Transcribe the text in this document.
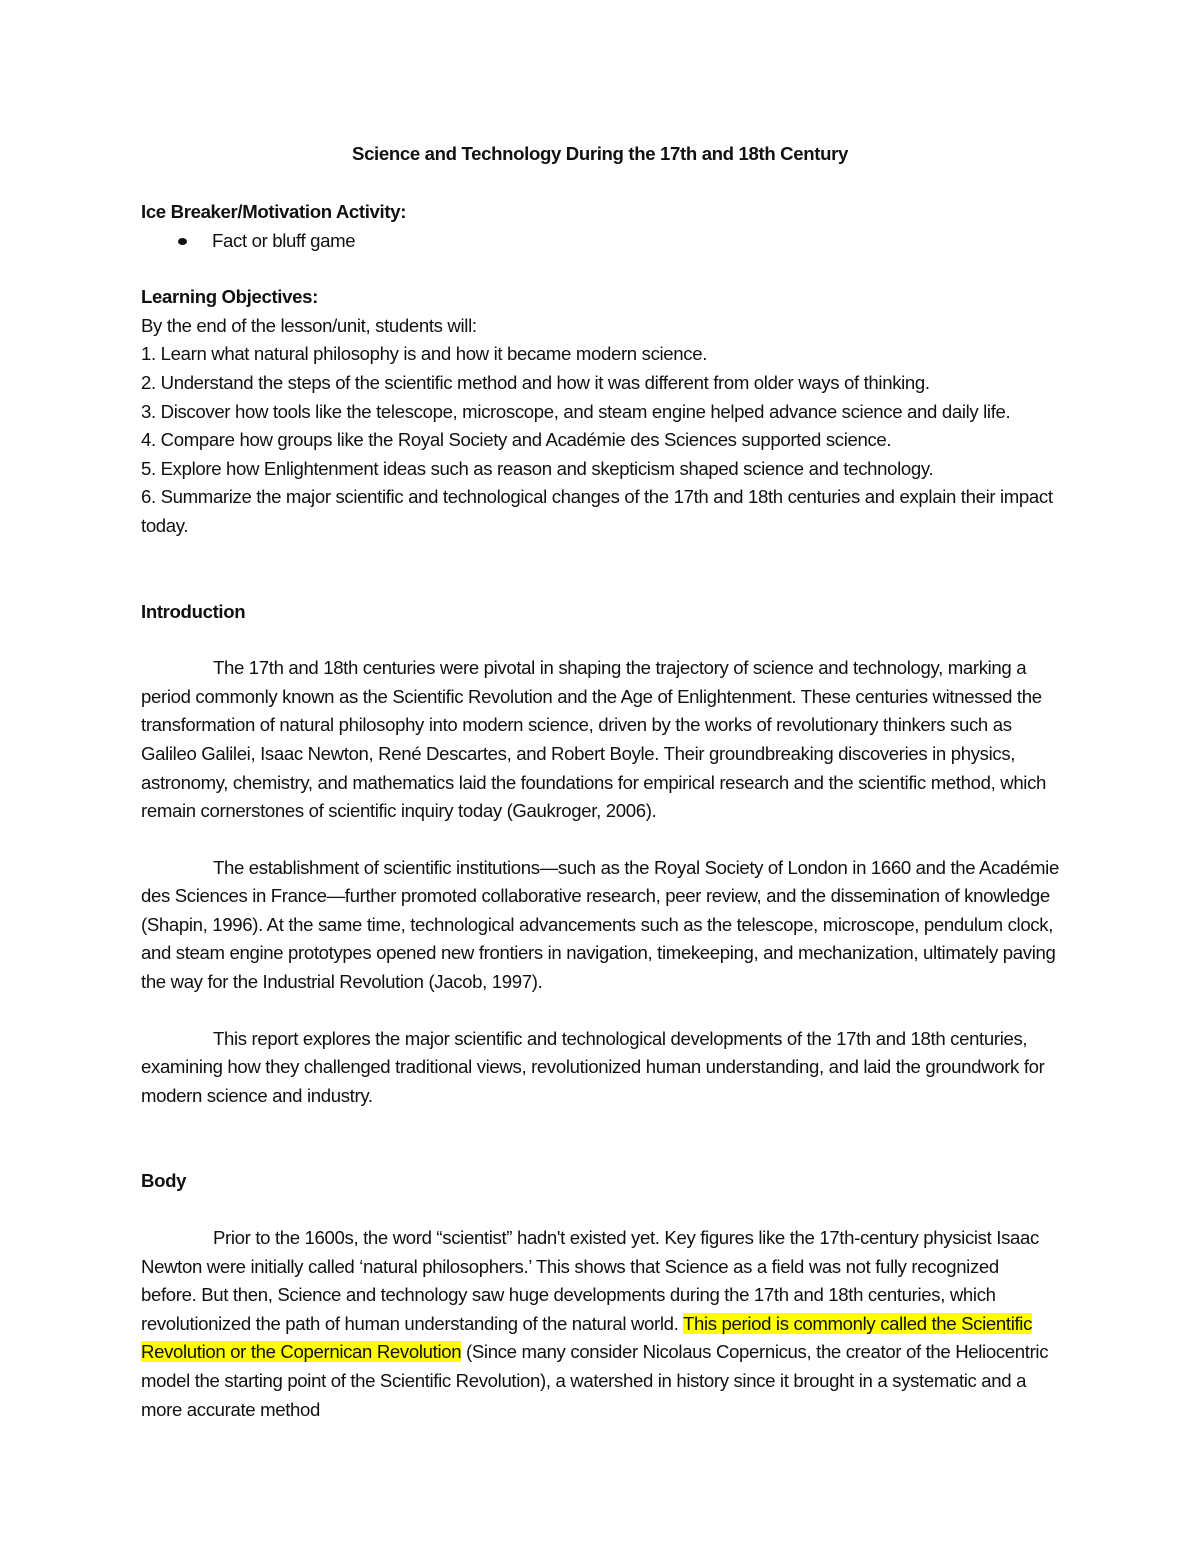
Science and Technology During the 17th and 18th Century

Ice Breaker/Motivation Activity:

Fact or bluff game

Learning Objectives:

By the end of the lesson/unit, students will:

1. Learn what natural philosophy is and how it became modern science.
2. Understand the steps of the scientific method and how it was different from older ways of thinking.
3. Discover how tools like the telescope, microscope, and steam engine helped advance science and daily life.
4. Compare how groups like the Royal Society and Académie des Sciences supported science.
5. Explore how Enlightenment ideas such as reason and skepticism shaped science and technology.
6. Summarize the major scientific and technological changes of the 17th and 18th centuries and explain their impact today.

Introduction

The 17th and 18th centuries were pivotal in shaping the trajectory of science and technology, marking a period commonly known as the Scientific Revolution and the Age of Enlightenment. These centuries witnessed the transformation of natural philosophy into modern science, driven by the works of revolutionary thinkers such as Galileo Galilei, Isaac Newton, René Descartes, and Robert Boyle. Their groundbreaking discoveries in physics, astronomy, chemistry, and mathematics laid the foundations for empirical research and the scientific method, which remain cornerstones of scientific inquiry today (Gaukroger, 2006).

The establishment of scientific institutions—such as the Royal Society of London in 1660 and the Académie des Sciences in France—further promoted collaborative research, peer review, and the dissemination of knowledge (Shapin, 1996). At the same time, technological advancements such as the telescope, microscope, pendulum clock, and steam engine prototypes opened new frontiers in navigation, timekeeping, and mechanization, ultimately paving the way for the Industrial Revolution (Jacob, 1997).

This report explores the major scientific and technological developments of the 17th and 18th centuries, examining how they challenged traditional views, revolutionized human understanding, and laid the groundwork for modern science and industry.

Body

Prior to the 1600s, the word “scientist” hadn't existed yet. Key figures like the 17th-century physicist Isaac Newton were initially called ‘natural philosophers.’ This shows that Science as a field was not fully recognized before. But then, Science and technology saw huge developments during the 17th and 18th centuries, which revolutionized the path of human understanding of the natural world. This period is commonly called the Scientific Revolution or the Copernican Revolution (Since many consider Nicolaus Copernicus, the creator of the Heliocentric model the starting point of the Scientific Revolution), a watershed in history since it brought in a systematic and a more accurate method
